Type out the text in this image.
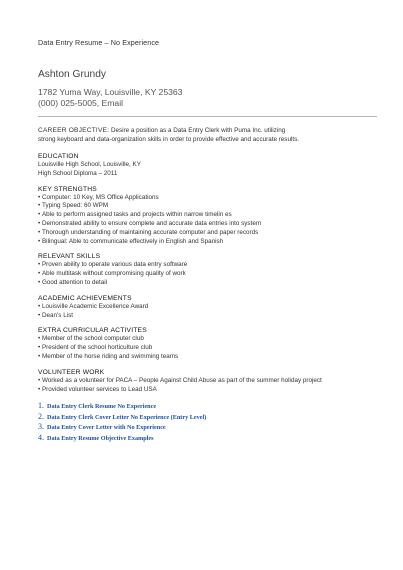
Data Entry Resume – No Experience
Ashton Grundy
1782 Yuma Way, Louisville, KY 25363
(000) 025-5005, Email
CAREER OBJECTIVE: Desire a position as a Data Entry Clerk with Puma Inc. utilizing
strong keyboard and data-organization skills in order to provide effective and accurate results.
EDUCATION
Louisville High School, Louisville, KY
High School Diploma – 2011
KEY STRENGTHS
• Computer: 10 Key, MS Office Applications
• Typing Speed: 60 WPM
• Able to perform assigned tasks and projects within narrow timelin es
• Demonstrated ability to ensure complete and accurate data entries into system
• Thorough understanding of maintaining accurate computer and paper records
• Bilingual: Able to communicate effectively in English and Spanish
RELEVANT SKILLS
• Proven ability to operate various data entry software
• Able multitask without compromising quality of work
• Good attention to detail
ACADEMIC ACHIEVEMENTS
• Louisville Academic Excellence Award
• Dean’s List
EXTRA CURRICULAR ACTIVITES
• Member of the school computer club
• President of the school horticulture club
• Member of the horse riding and swimming teams
VOLUNTEER WORK
• Worked as a volunteer for PACA – People Against Child Abuse as part of the summer holiday project
• Provided volunteer services to Lead USA
1. Data Entry Clerk Resume No Experience
2. Data Entry Clerk Cover Letter No Experience (Entry Level)
3. Data Entry Cover Letter with No Experience
4. Data Entry Resume Objective Examples
